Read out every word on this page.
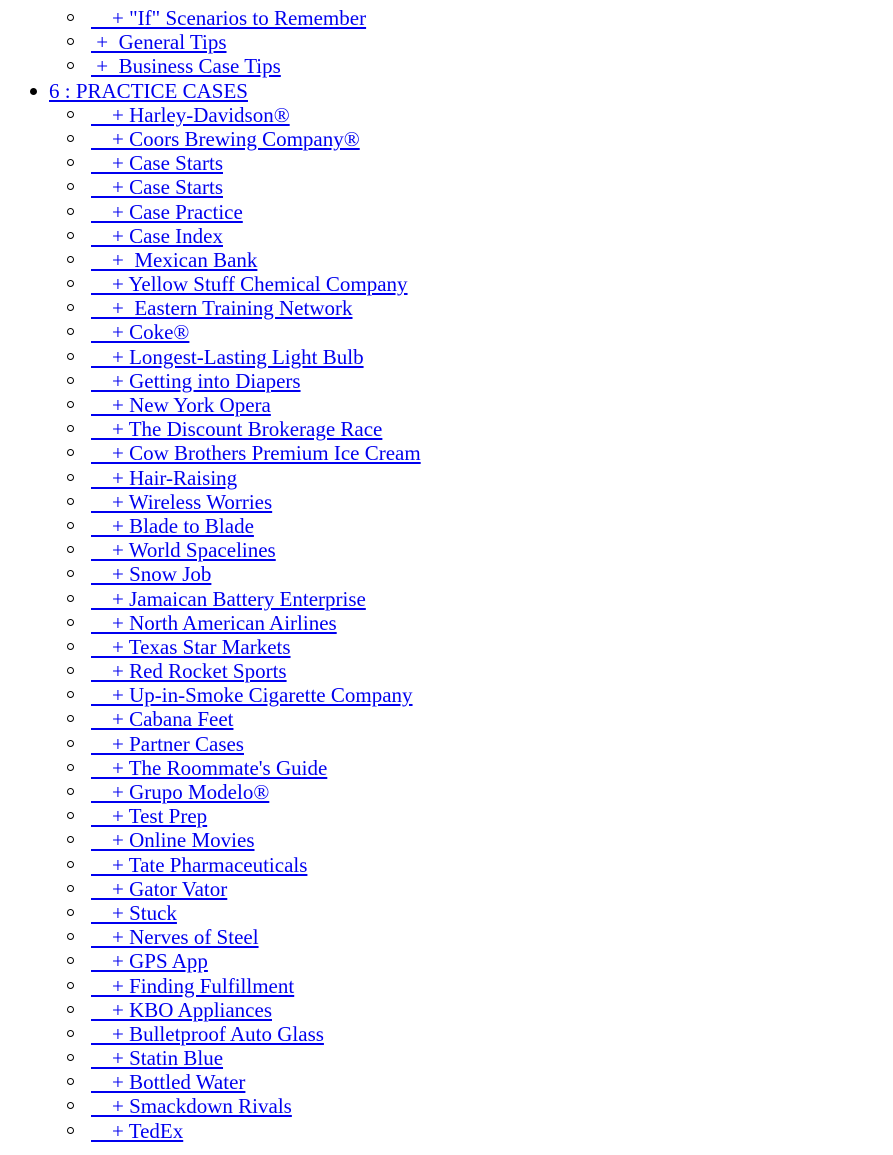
+ "If" Scenarios to Remember
+  General Tips
+  Business Case Tips
6 : PRACTICE CASES
+ Harley-Davidson®
+ Coors Brewing Company®
+ Case Starts
+ Case Starts
+ Case Practice
+ Case Index
+  Mexican Bank
+ Yellow Stuff Chemical Company
+  Eastern Training Network
+ Coke®
+ Longest-Lasting Light Bulb
+ Getting into Diapers
+ New York Opera
+ The Discount Brokerage Race
+ Cow Brothers Premium Ice Cream
+ Hair-Raising
+ Wireless Worries
+ Blade to Blade
+ World Spacelines
+ Snow Job
+ Jamaican Battery Enterprise
+ North American Airlines
+ Texas Star Markets
+ Red Rocket Sports
+ Up-in-Smoke Cigarette Company
+ Cabana Feet
+ Partner Cases
+ The Roommate's Guide
+ Grupo Modelo®
+ Test Prep
+ Online Movies
+ Tate Pharmaceuticals
+ Gator Vator
+ Stuck
+ Nerves of Steel
+ GPS App
+ Finding Fulfillment
+ KBO Appliances
+ Bulletproof Auto Glass
+ Statin Blue
+ Bottled Water
+ Smackdown Rivals
+ TedEx
